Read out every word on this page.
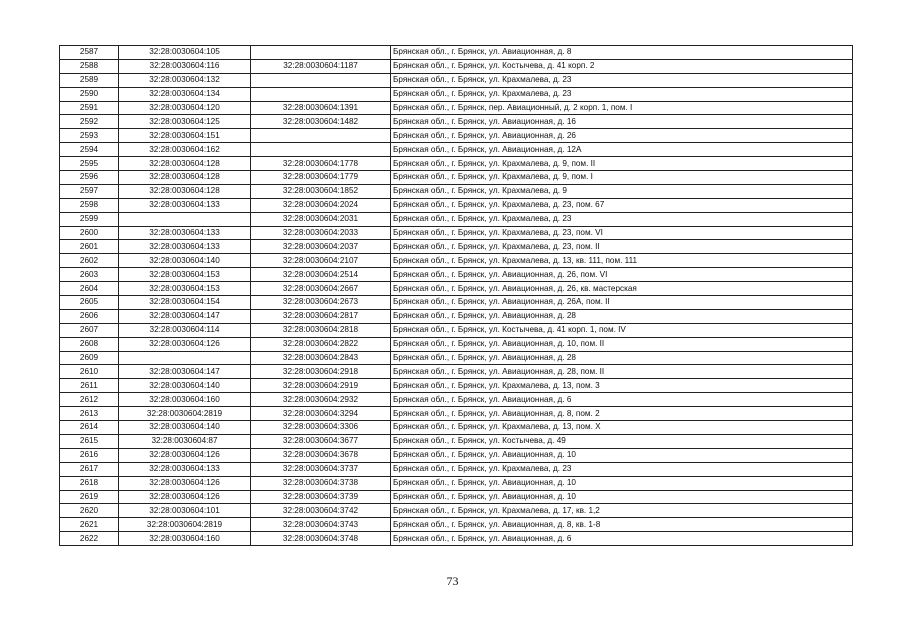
2587	32:28:0030604:105		Брянская обл., г. Брянск, ул. Авиационная, д. 8
2588	32:28:0030604:116	32:28:0030604:1187	Брянская обл., г. Брянск, ул. Костычева, д. 41 корп. 2
2589	32:28:0030604:132		Брянская обл., г. Брянск, ул. Крахмалева, д. 23
2590	32:28:0030604:134		Брянская обл., г. Брянск, ул. Крахмалева, д. 23
2591	32:28:0030604:120	32:28:0030604:1391	Брянская обл., г. Брянск, пер. Авиационный, д. 2 корп. 1, пом. I
2592	32:28:0030604:125	32:28:0030604:1482	Брянская обл., г. Брянск, ул. Авиационная, д. 16
2593	32:28:0030604:151		Брянская обл., г. Брянск, ул. Авиационная, д. 26
2594	32:28:0030604:162		Брянская обл., г. Брянск, ул. Авиационная, д. 12А
2595	32:28:0030604:128	32:28:0030604:1778	Брянская обл., г. Брянск, ул. Крахмалева, д. 9, пом. II
2596	32:28:0030604:128	32:28:0030604:1779	Брянская обл., г. Брянск, ул. Крахмалева, д. 9, пом. I
2597	32:28:0030604:128	32:28:0030604:1852	Брянская обл., г. Брянск, ул. Крахмалева, д. 9
2598	32:28:0030604:133	32:28:0030604:2024	Брянская обл., г. Брянск, ул. Крахмалева, д. 23, пом. 67
2599		32:28:0030604:2031	Брянская обл., г. Брянск, ул. Крахмалева, д. 23
2600	32:28:0030604:133	32:28:0030604:2033	Брянская обл., г. Брянск, ул. Крахмалева, д. 23, пом. VI
2601	32:28:0030604:133	32:28:0030604:2037	Брянская обл., г. Брянск, ул. Крахмалева, д. 23, пом. II
2602	32:28:0030604:140	32:28:0030604:2107	Брянская обл., г. Брянск, ул. Крахмалева, д. 13, кв. 111, пом. 111
2603	32:28:0030604:153	32:28:0030604:2514	Брянская обл., г. Брянск, ул. Авиационная, д. 26, пом. VI
2604	32:28:0030604:153	32:28:0030604:2667	Брянская обл., г. Брянск, ул. Авиационная, д. 26, кв. мастерская
2605	32:28:0030604:154	32:28:0030604:2673	Брянская обл., г. Брянск, ул. Авиационная, д. 26А, пом. II
2606	32:28:0030604:147	32:28:0030604:2817	Брянская обл., г. Брянск, ул. Авиационная, д. 28
2607	32:28:0030604:114	32:28:0030604:2818	Брянская обл., г. Брянск, ул. Костычева, д. 41 корп. 1, пом. IV
2608	32:28:0030604:126	32:28:0030604:2822	Брянская обл., г. Брянск, ул. Авиационная, д. 10, пом. II
2609		32:28:0030604:2843	Брянская обл., г. Брянск, ул. Авиационная, д. 28
2610	32:28:0030604:147	32:28:0030604:2918	Брянская обл., г. Брянск, ул. Авиационная, д. 28, пом. II
2611	32:28:0030604:140	32:28:0030604:2919	Брянская обл., г. Брянск, ул. Крахмалева, д. 13, пом. 3
2612	32:28:0030604:160	32:28:0030604:2932	Брянская обл., г. Брянск, ул. Авиационная, д. 6
2613	32:28:0030604:2819	32:28:0030604:3294	Брянская обл., г. Брянск, ул. Авиационная, д. 8, пом. 2
2614	32:28:0030604:140	32:28:0030604:3306	Брянская обл., г. Брянск, ул. Крахмалева, д. 13, пом. X
2615	32:28:0030604:87	32:28:0030604:3677	Брянская обл., г. Брянск, ул. Костычева, д. 49
2616	32:28:0030604:126	32:28:0030604:3678	Брянская обл., г. Брянск, ул. Авиационная, д. 10
2617	32:28:0030604:133	32:28:0030604:3737	Брянская обл., г. Брянск, ул. Крахмалева, д. 23
2618	32:28:0030604:126	32:28:0030604:3738	Брянская обл., г. Брянск, ул. Авиационная, д. 10
2619	32:28:0030604:126	32:28:0030604:3739	Брянская обл., г. Брянск, ул. Авиационная, д. 10
2620	32:28:0030604:101	32:28:0030604:3742	Брянская обл., г. Брянск, ул. Крахмалева, д. 17, кв. 1,2
2621	32:28:0030604:2819	32:28:0030604:3743	Брянская обл., г. Брянск, ул. Авиационная, д. 8, кв. 1-8
2622	32:28:0030604:160	32:28:0030604:3748	Брянская обл., г. Брянск, ул. Авиационная, д. 6
73
